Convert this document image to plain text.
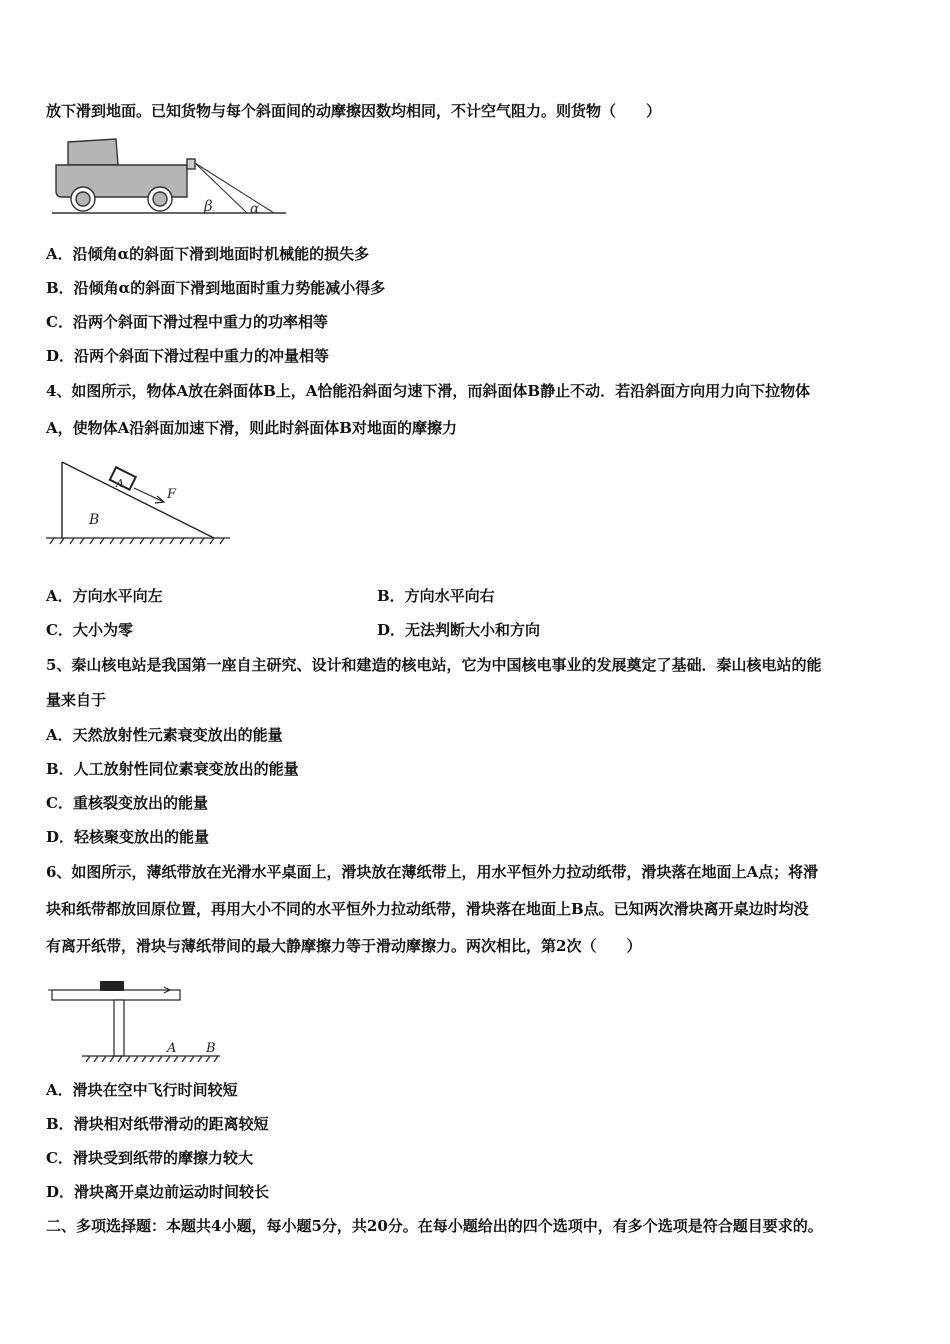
放下滑到地面。已知货物与每个斜面间的动摩擦因数均相同，不计空气阻力。则货物（　　）
β	α
A．沿倾角α的斜面下滑到地面时机械能的损失多
B．沿倾角α的斜面下滑到地面时重力势能减小得多
C．沿两个斜面下滑过程中重力的功率相等
D．沿两个斜面下滑过程中重力的冲量相等
4、如图所示，物体A放在斜面体B上，A恰能沿斜面匀速下滑，而斜面体B静止不动．若沿斜面方向用力向下拉物体
A，使物体A沿斜面加速下滑，则此时斜面体B对地面的摩擦力
A
F
B
A．方向水平向左	B．方向水平向右
C．大小为零	D．无法判断大小和方向
5、秦山核电站是我国第一座自主研究、设计和建造的核电站，它为中国核电事业的发展奠定了基础．秦山核电站的能
量来自于
A．天然放射性元素衰变放出的能量
B．人工放射性同位素衰变放出的能量
C．重核裂变放出的能量
D．轻核聚变放出的能量
6、如图所示，薄纸带放在光滑水平桌面上，滑块放在薄纸带上，用水平恒外力拉动纸带，滑块落在地面上A点；将滑
块和纸带都放回原位置，再用大小不同的水平恒外力拉动纸带，滑块落在地面上B点。已知两次滑块离开桌边时均没
有离开纸带，滑块与薄纸带间的最大静摩擦力等于滑动摩擦力。两次相比，第2次（　　）
A B
A．滑块在空中飞行时间较短
B．滑块相对纸带滑动的距离较短
C．滑块受到纸带的摩擦力较大
D．滑块离开桌边前运动时间较长
二、多项选择题：本题共4小题，每小题5分，共20分。在每小题给出的四个选项中，有多个选项是符合题目要求的。
